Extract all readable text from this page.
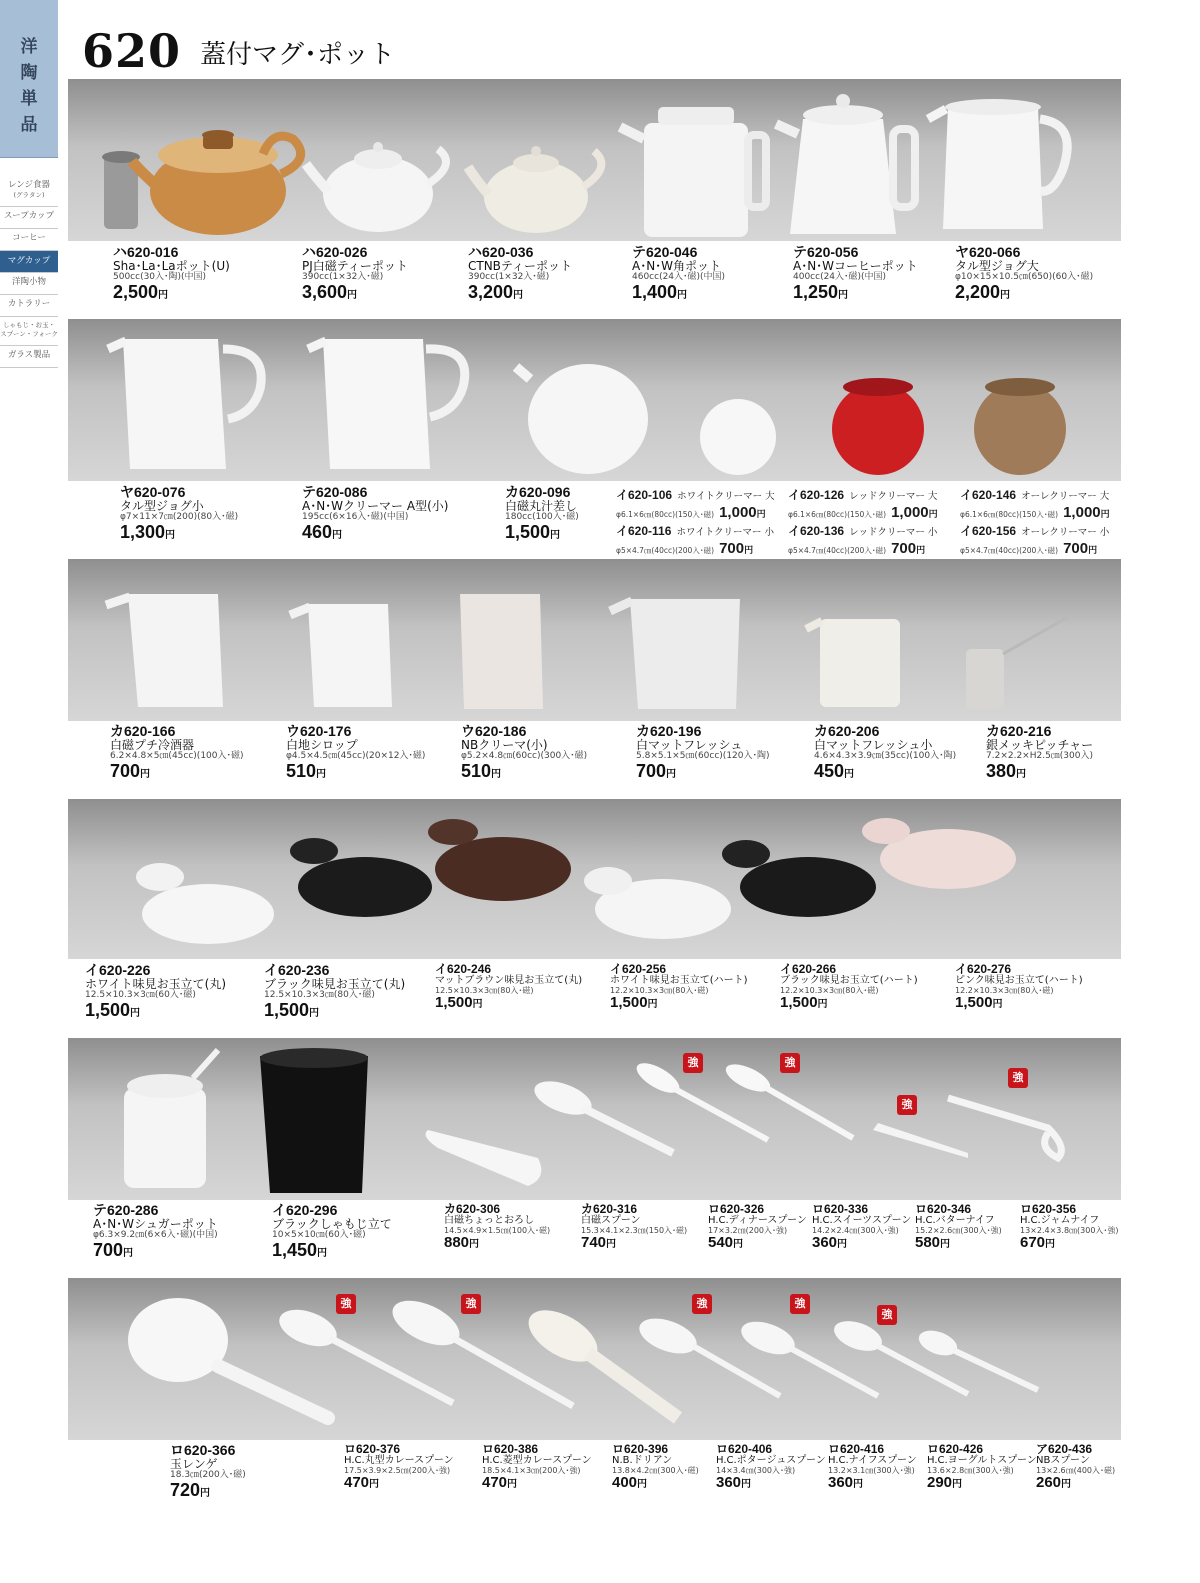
洋
陶
単
品
レンジ食器
(グラタン)
スープカップ
コーヒー
マグカップ
洋陶小物
カトラリー
しゃもじ・お玉・
スプーン・フォーク
ガラス製品
620 蓋付マグ･ポット
ハ620-016
Sha･La･Laポット(U)
500cc(30入･陶)(中国)
2,500円
ハ620-026
PJ白磁ティーポット
390cc(1×32入･磁)
3,600円
ハ620-036
CTNBティーポット
390cc(1×32入･磁)
3,200円
テ620-046
A･N･W角ポット
460cc(24入･磁)(中国)
1,400円
テ620-056
A･N･Wコーヒーポット
400cc(24入･磁)(中国)
1,250円
ヤ620-066
タル型ジョグ大
φ10×15×10.5㎝(650)(60入･磁)
2,200円
ヤ620-076
タル型ジョグ小
φ7×11×7㎝(200)(80入･磁)
1,300円
テ620-086
A･N･Wクリーマー A型(小)
195cc(6×16入･磁)(中国)
460円
カ620-096
白磁丸汁差し
180cc(100入･磁)
1,500円
イ620-106 ホワイトクリーマー 大
φ6.1×6㎝(80cc)(150入･磁) 1,000円
イ620-116 ホワイトクリーマー 小
φ5×4.7㎝(40cc)(200入･磁) 700円
イ620-126 レッドクリーマー 大
φ6.1×6㎝(80cc)(150入･磁) 1,000円
イ620-136 レッドクリーマー 小
φ5×4.7㎝(40cc)(200入･磁) 700円
イ620-146 オーレクリーマー 大
φ6.1×6㎝(80cc)(150入･磁) 1,000円
イ620-156 オーレクリーマー 小
φ5×4.7㎝(40cc)(200入･磁) 700円
カ620-166
白磁プチ冷酒器
6.2×4.8×5㎝(45cc)(100入･磁)
700円
ウ620-176
白地シロップ
φ4.5×4.5㎝(45cc)(20×12入･磁)
510円
ウ620-186
NBクリーマ(小)
φ5.2×4.8㎝(60cc)(300入･磁)
510円
カ620-196
白マットフレッシュ
5.8×5.1×5㎝(60cc)(120入･陶)
700円
カ620-206
白マットフレッシュ小
4.6×4.3×3.9㎝(35cc)(100入･陶)
450円
カ620-216
銀メッキピッチャー
7.2×2.2×H2.5㎝(300入)
380円
イ620-226
ホワイト味見お玉立て(丸)
12.5×10.3×3㎝(60入･磁)
1,500円
イ620-236
ブラック味見お玉立て(丸)
12.5×10.3×3㎝(80入･磁)
1,500円
イ620-246
マットブラウン味見お玉立て(丸)
12.5×10.3×3㎝(80入･磁)
1,500円
イ620-256
ホワイト味見お玉立て(ハート)
12.2×10.3×3㎝(80入･磁)
1,500円
イ620-266
ブラック味見お玉立て(ハート)
12.2×10.3×3㎝(80入･磁)
1,500円
イ620-276
ピンク味見お玉立て(ハート)
12.2×10.3×3㎝(80入･磁)
1,500円
強	強
強
強
テ620-286
A･N･Wシュガーポット
φ6.3×9.2㎝(6×6入･磁)(中国)
700円
イ620-296
ブラックしゃもじ立て
10×5×10㎝(60入･磁)
1,450円
カ620-306
白磁ちょっとおろし
14.5×4.9×1.5㎝(100入･磁)
880円
カ620-316
白磁スプーン
15.3×4.1×2.3㎝(150入･磁)
740円
ロ620-326
H.C.ディナースプーン
17×3.2㎝(200入･強)
540円
ロ620-336
H.C.スイーツスプーン
14.2×2.4㎝(300入･強)
360円
ロ620-346
H.C.バターナイフ
15.2×2.6㎝(300入･強)
580円
ロ620-356
H.C.ジャムナイフ
13×2.4×3.8㎝(300入･強)
670円
強	強	強	強
強
ロ620-366
玉レンゲ
18.3㎝(200入･磁)
720円
ロ620-376
H.C.丸型カレースプーン
17.5×3.9×2.5㎝(200入･強)
470円
ロ620-386
H.C.菱型カレースプーン
18.5×4.1×3㎝(200入･強)
470円
ロ620-396
N.B.ドリアン
13.8×4.2㎝(300入･磁)
400円
ロ620-406
H.C.ポタージュスプーン
14×3.4㎝(300入･強)
360円
ロ620-416
H.C.ナイフスプーン
13.2×3.1㎝(300入･強)
360円
ロ620-426
H.C.ヨーグルトスプーン
13.6×2.8㎝(300入･強)
290円
ア620-436
NBスプーン
13×2.6㎝(400入･磁)
260円
